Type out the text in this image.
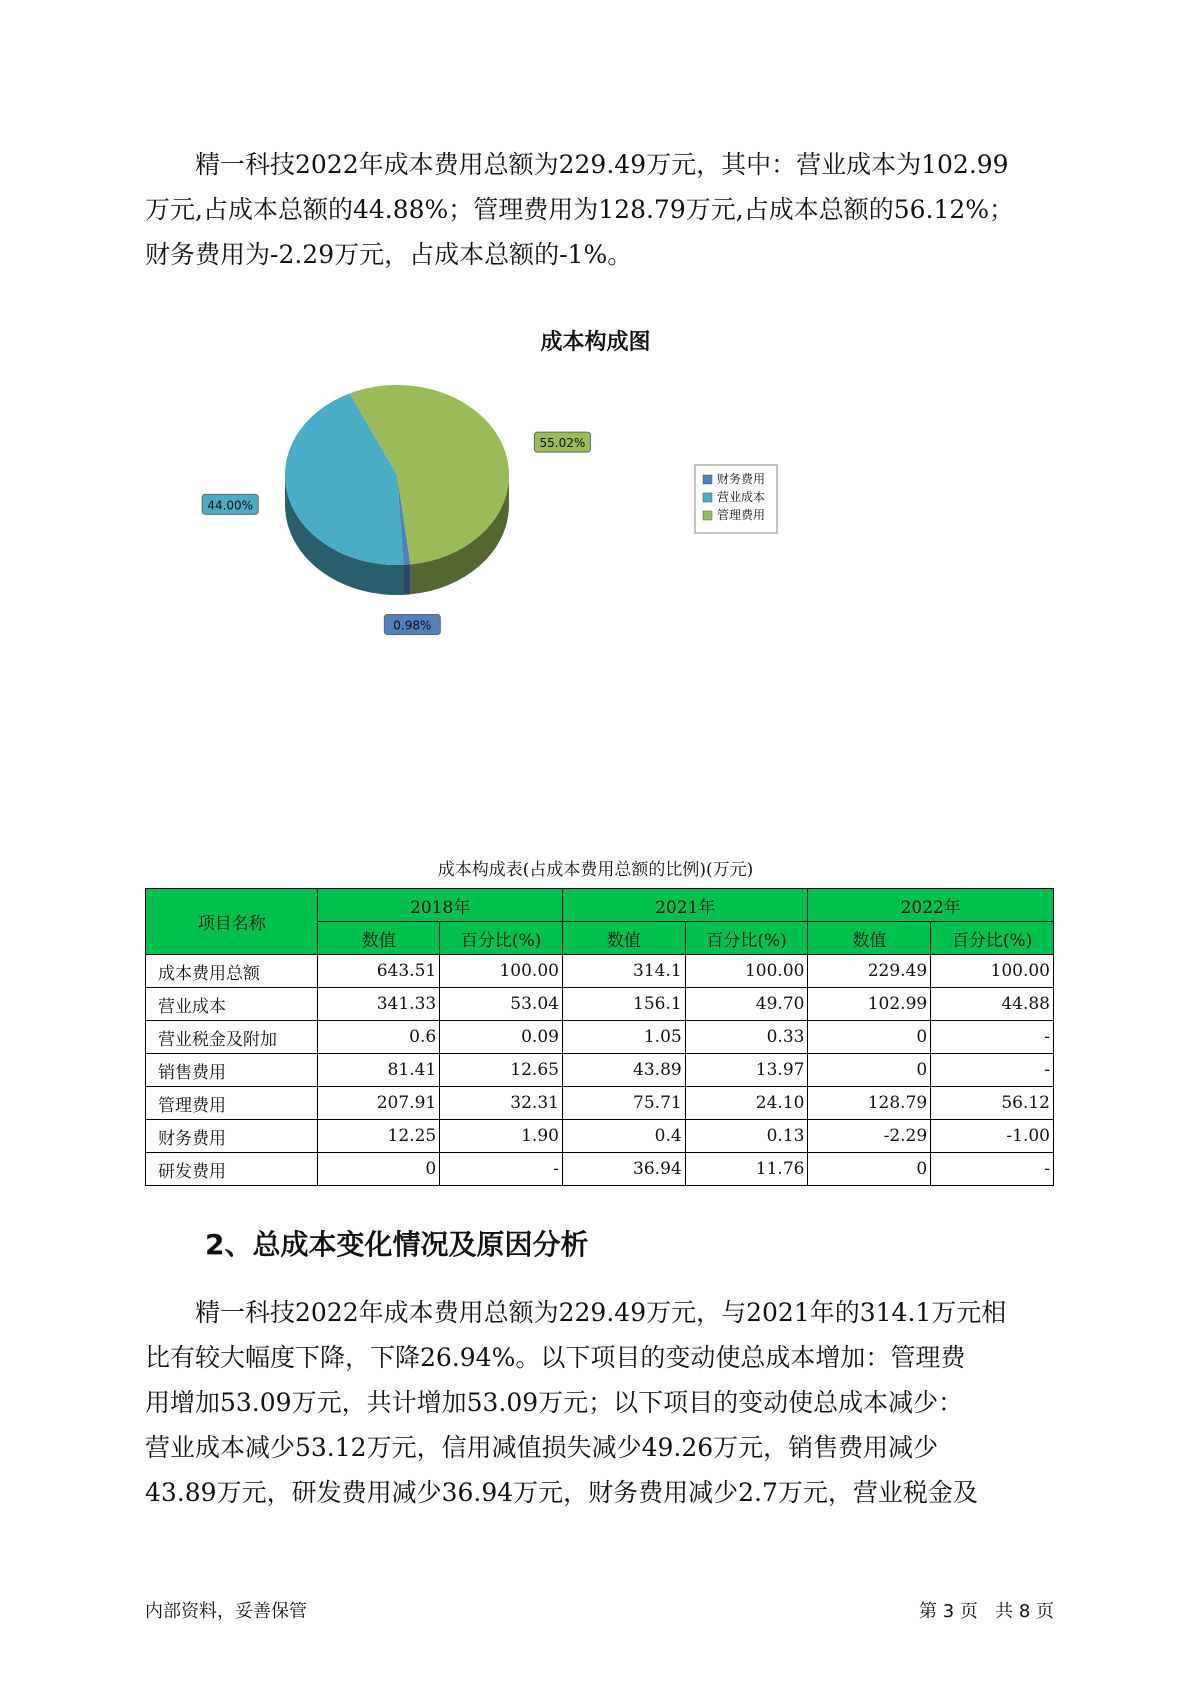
　　精一科技2022年成本费用总额为229.49万元，其中：营业成本为102.99
万元,占成本总额的44.88%；管理费用为128.79万元,占成本总额的56.12%；
财务费用为-2.29万元，占成本总额的-1%。
成本构成图
0.98%
44.00%
55.02%
财务费用
营业成本
管理费用
成本构成表(占成本费用总额的比例)(万元)
项目名称	2018年		2021年		2022年	
	数值	百分比(%)	数值	百分比(%)	数值	百分比(%)
成本费用总额	643.51	100.00	314.1	100.00	229.49	100.00
营业成本	341.33	53.04	156.1	49.70	102.99	44.88
营业税金及附加	0.6	0.09	1.05	0.33	0	-
销售费用	81.41	12.65	43.89	13.97	0	-
管理费用	207.91	32.31	75.71	24.10	128.79	56.12
财务费用	12.25	1.90	0.4	0.13	-2.29	-1.00
研发费用	0	-	36.94	11.76	0	-
2、总成本变化情况及原因分析
　　精一科技2022年成本费用总额为229.49万元，与2021年的314.1万元相
比有较大幅度下降，下降26.94%。以下项目的变动使总成本增加：管理费
用增加53.09万元，共计增加53.09万元；以下项目的变动使总成本减少：
营业成本减少53.12万元，信用减值损失减少49.26万元，销售费用减少
43.89万元，研发费用减少36.94万元，财务费用减少2.7万元，营业税金及
内部资料，妥善保管	第 3 页   共 8 页
